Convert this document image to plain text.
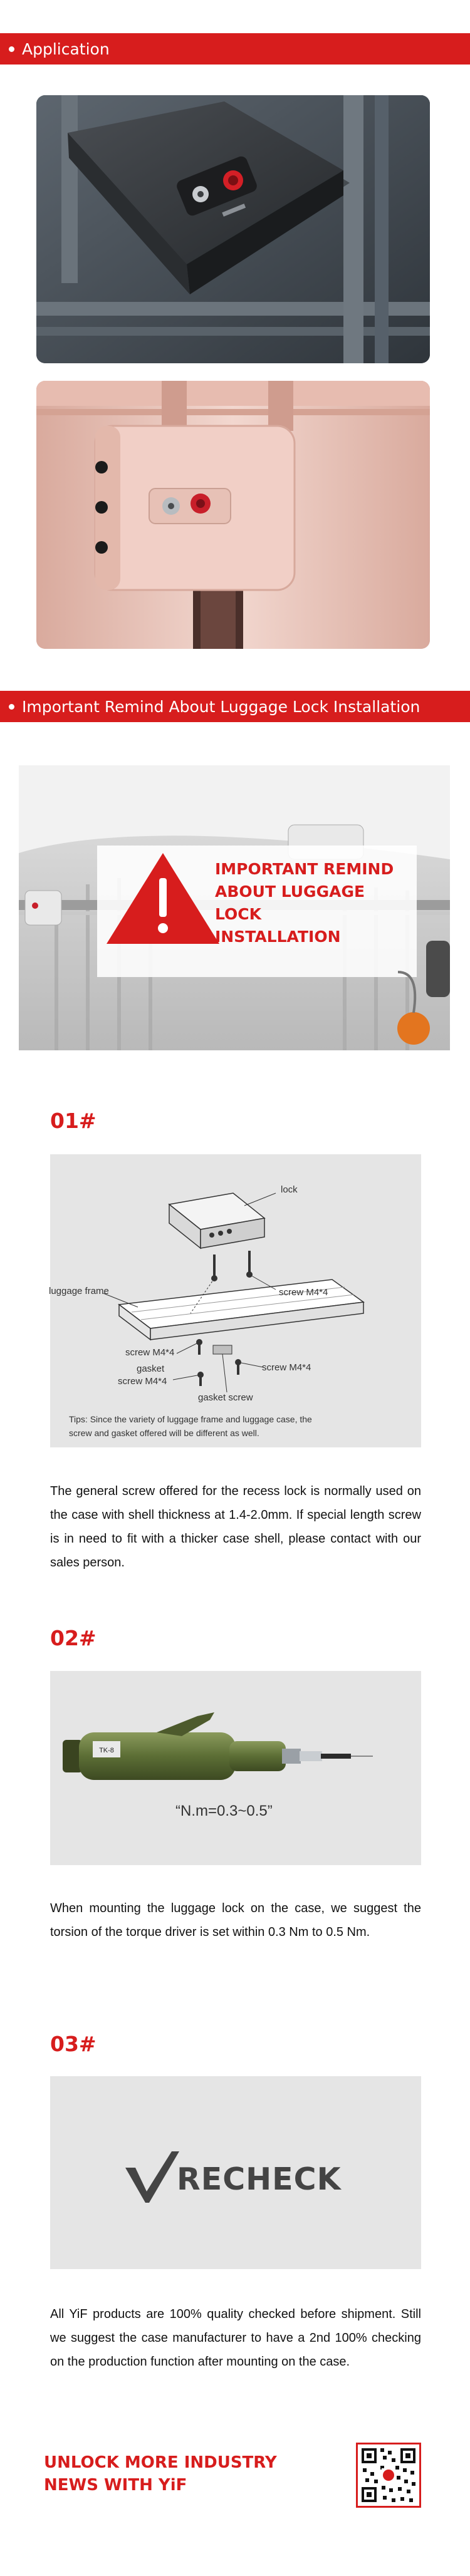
Application
Important Remind About Luggage Lock Installation
IMPORTANT REMIND
ABOUT LUGGAGE LOCK
INSTALLATION
01#
lock
luggage frame	screw M4*4
screw M4*4
screw M4*4
gasket
screw M4*4
gasket screw
Tips: Since the variety of luggage frame and luggage case, the
screw and gasket offered will be different as well.
The general screw offered for the recess lock is normally used on the case with shell thickness at 1.4-2.0mm. If special length screw is in need to fit with a thicker case shell, please contact with our sales person.
02#
TK-8
“N.m=0.3~0.5”
When mounting the luggage lock on the case, we suggest the torsion of the torque driver is set within 0.3 Nm to 0.5 Nm.
03#
RECHECK
All YiF products are 100% quality checked before shipment. Still we suggest the case manufacturer to have a 2nd 100% checking on the production function after mounting on the case.
UNLOCK MORE INDUSTRY
NEWS WITH YiF
